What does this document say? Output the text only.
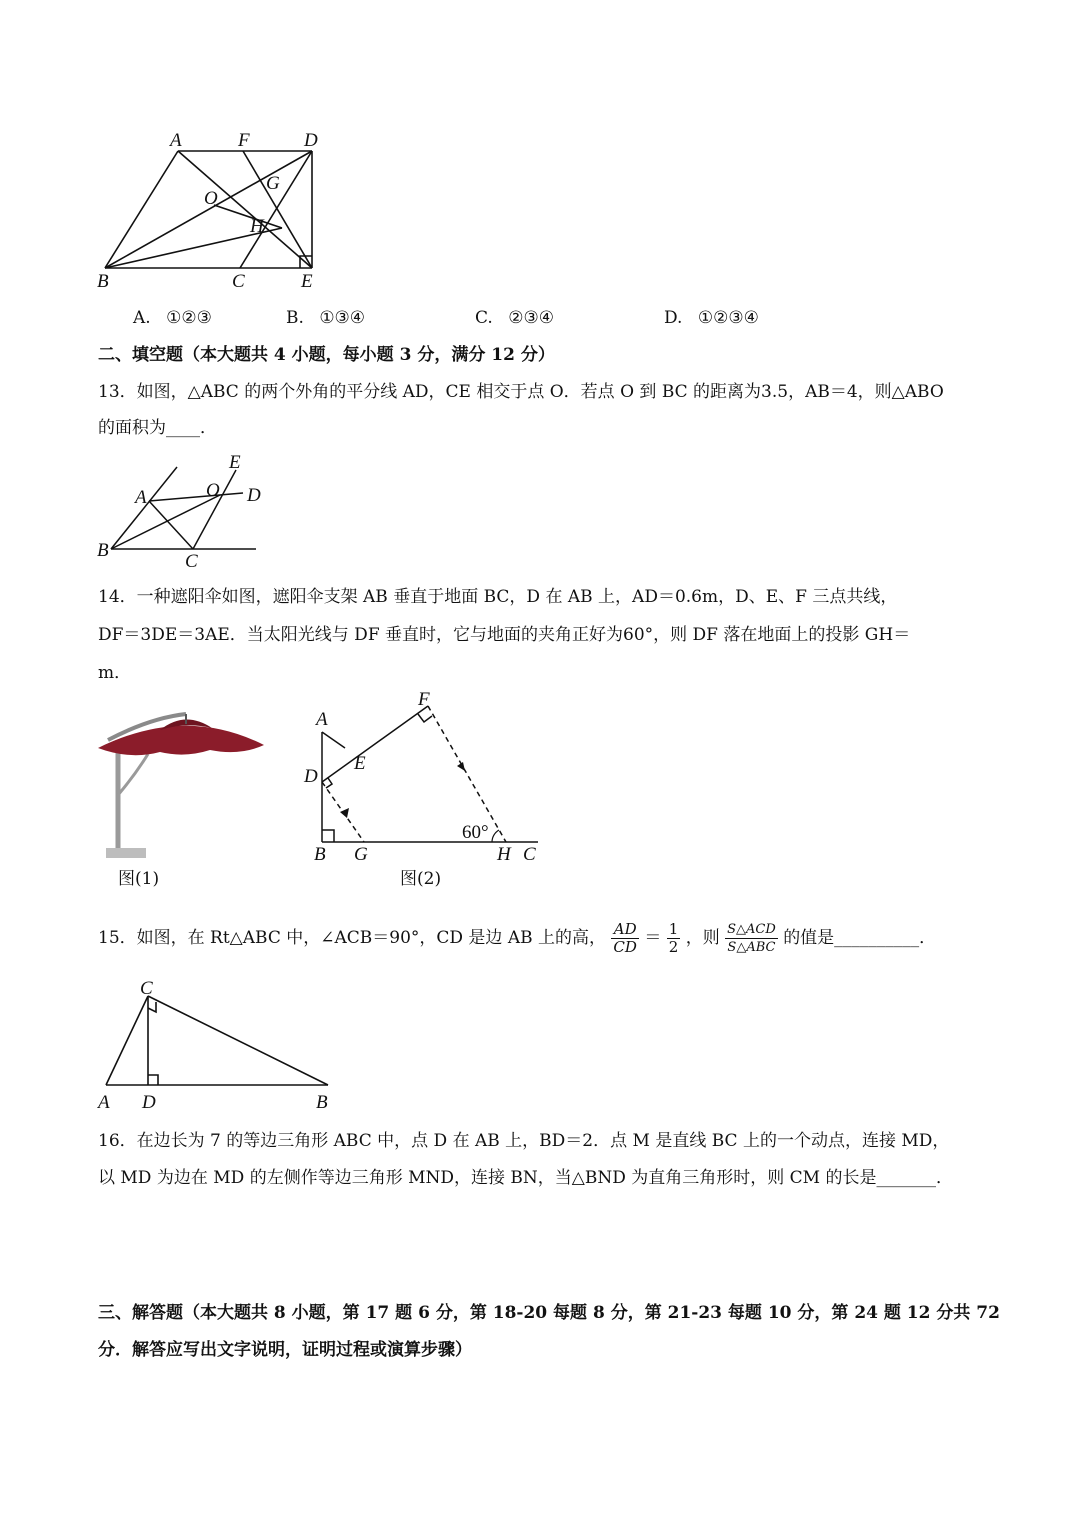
A	F	D
G
O
H
B	C	E
A. ①②③	B. ①③④	C. ②③④	D. ①②③④
二、填空题（本大题共 4 小题，每小题 3 分，满分 12 分）
13．如图，△ABC 的两个外角的平分线 AD，CE 相交于点 O．若点 O 到 BC 的距离为3.5，AB＝4，则△ABO
的面积为____．
E
A	O D
B
C
14．一种遮阳伞如图，遮阳伞支架 AB 垂直于地面 BC，D 在 AB 上，AD＝0.6m，D、E、F 三点共线，
DF＝3DE＝3AE．当太阳光线与 DF 垂直时，它与地面的夹角正好为60°，则 DF 落在地面上的投影 GH＝
m．
图(1)
A
F
D
E
60°
B G	H C
图(2)
15．如图，在 Rt△ABC 中，∠ACB＝90°，CD 是边 AB 上的高， $\frac{AD}{CD} = \frac{1}{2}$ ，则 $\frac{\text{S△ACD}}{\text{S△ABC}}$ 的值是__________．
C
A D	B
16．在边长为 7 的等边三角形 ABC 中，点 D 在 AB 上，BD＝2．点 M 是直线 BC 上的一个动点，连接 MD，
以 MD 为边在 MD 的左侧作等边三角形 MND，连接 BN，当△BND 为直角三角形时，则 CM 的长是_______．
三、解答题（本大题共 8 小题，第 17 题 6 分，第 18-20 每题 8 分，第 21-23 每题 10 分，第 24 题 12 分共 72
分．解答应写出文字说明，证明过程或演算步骤）
